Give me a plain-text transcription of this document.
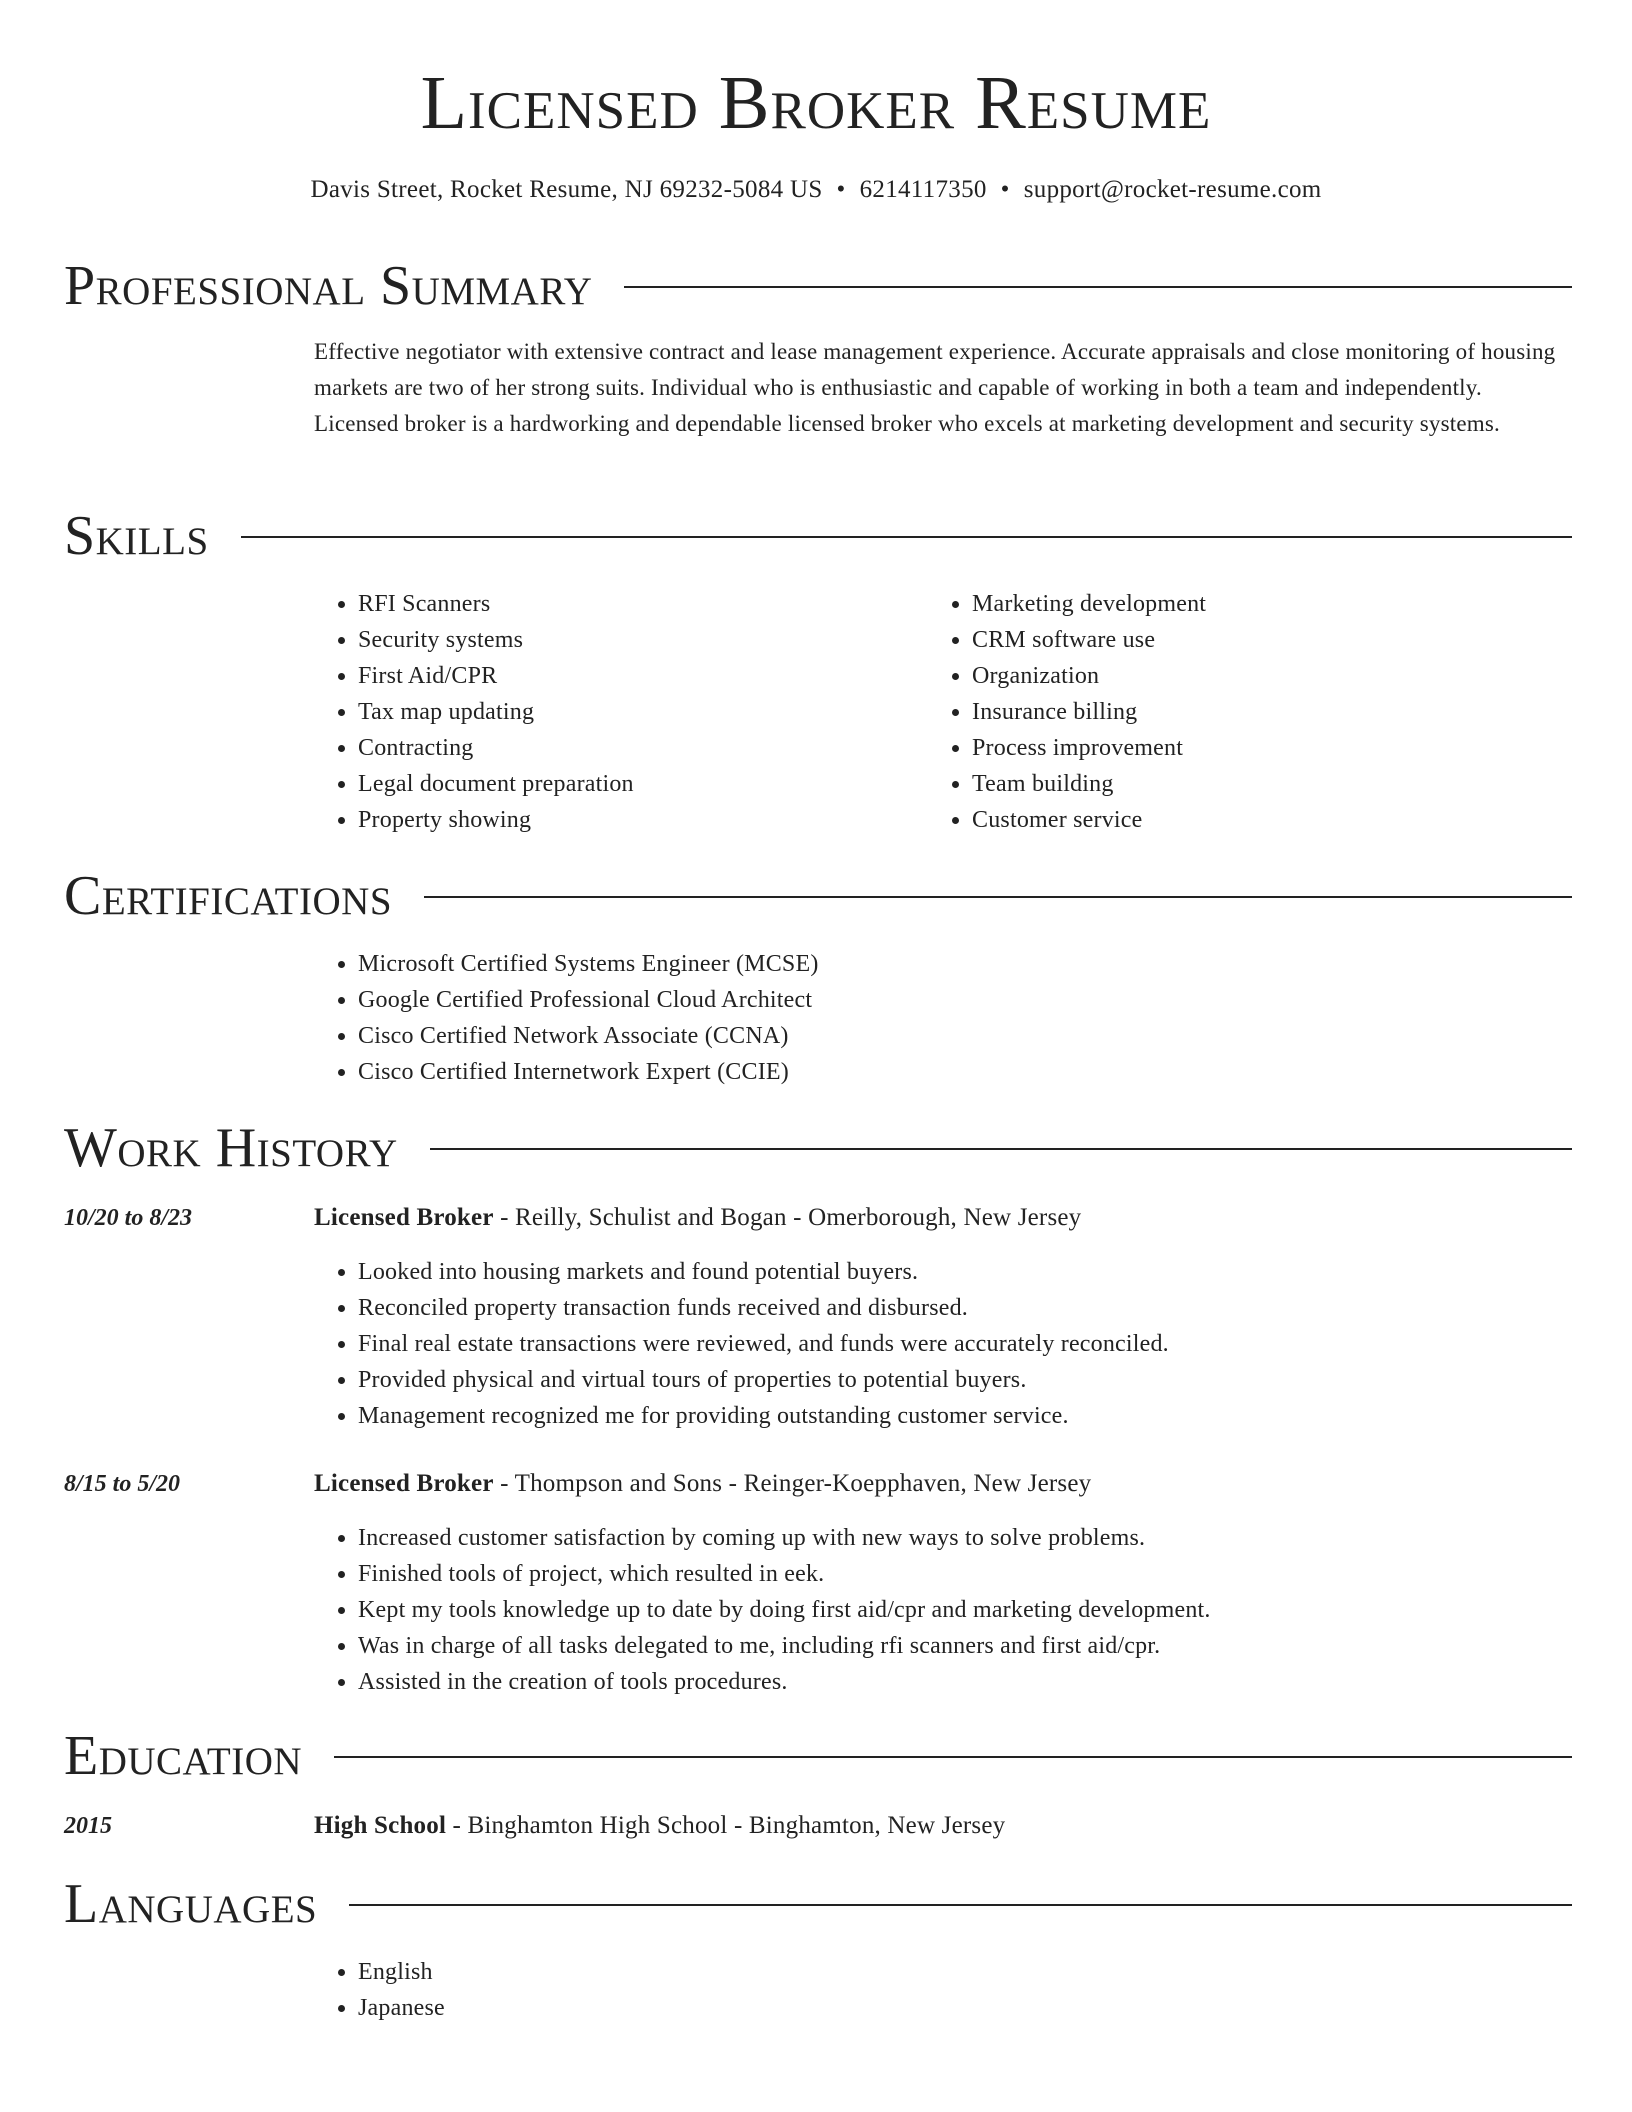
Licensed Broker Resume
Davis Street, Rocket Resume, NJ 69232-5084 US • 6214117350 • support@rocket-resume.com
Professional Summary

Effective negotiator with extensive contract and lease management experience. Accurate appraisals and close monitoring of housing markets are two of her strong suits. Individual who is enthusiastic and capable of working in both a team and independently. Licensed broker is a hardworking and dependable licensed broker who excels at marketing development and security systems.

Skills
• RFI Scanners
• Security systems
• First Aid/CPR
• Tax map updating
• Contracting
• Legal document preparation
• Property showing
• Marketing development
• CRM software use
• Organization
• Insurance billing
• Process improvement
• Team building
• Customer service
Certifications
• Microsoft Certified Systems Engineer (MCSE)
• Google Certified Professional Cloud Architect
• Cisco Certified Network Associate (CCNA)
• Cisco Certified Internetwork Expert (CCIE)
Work History
10/20 to 8/23	Licensed Broker - Reilly, Schulist and Bogan - Omerborough, New Jersey
• Looked into housing markets and found potential buyers.
• Reconciled property transaction funds received and disbursed.
• Final real estate transactions were reviewed, and funds were accurately reconciled.
• Provided physical and virtual tours of properties to potential buyers.
• Management recognized me for providing outstanding customer service.
8/15 to 5/20	Licensed Broker - Thompson and Sons - Reinger-Koepphaven, New Jersey
• Increased customer satisfaction by coming up with new ways to solve problems.
• Finished tools of project, which resulted in eek.
• Kept my tools knowledge up to date by doing first aid/cpr and marketing development.
• Was in charge of all tasks delegated to me, including rfi scanners and first aid/cpr.
• Assisted in the creation of tools procedures.
Education
2015	High School - Binghamton High School - Binghamton, New Jersey
Languages
• English
• Japanese
